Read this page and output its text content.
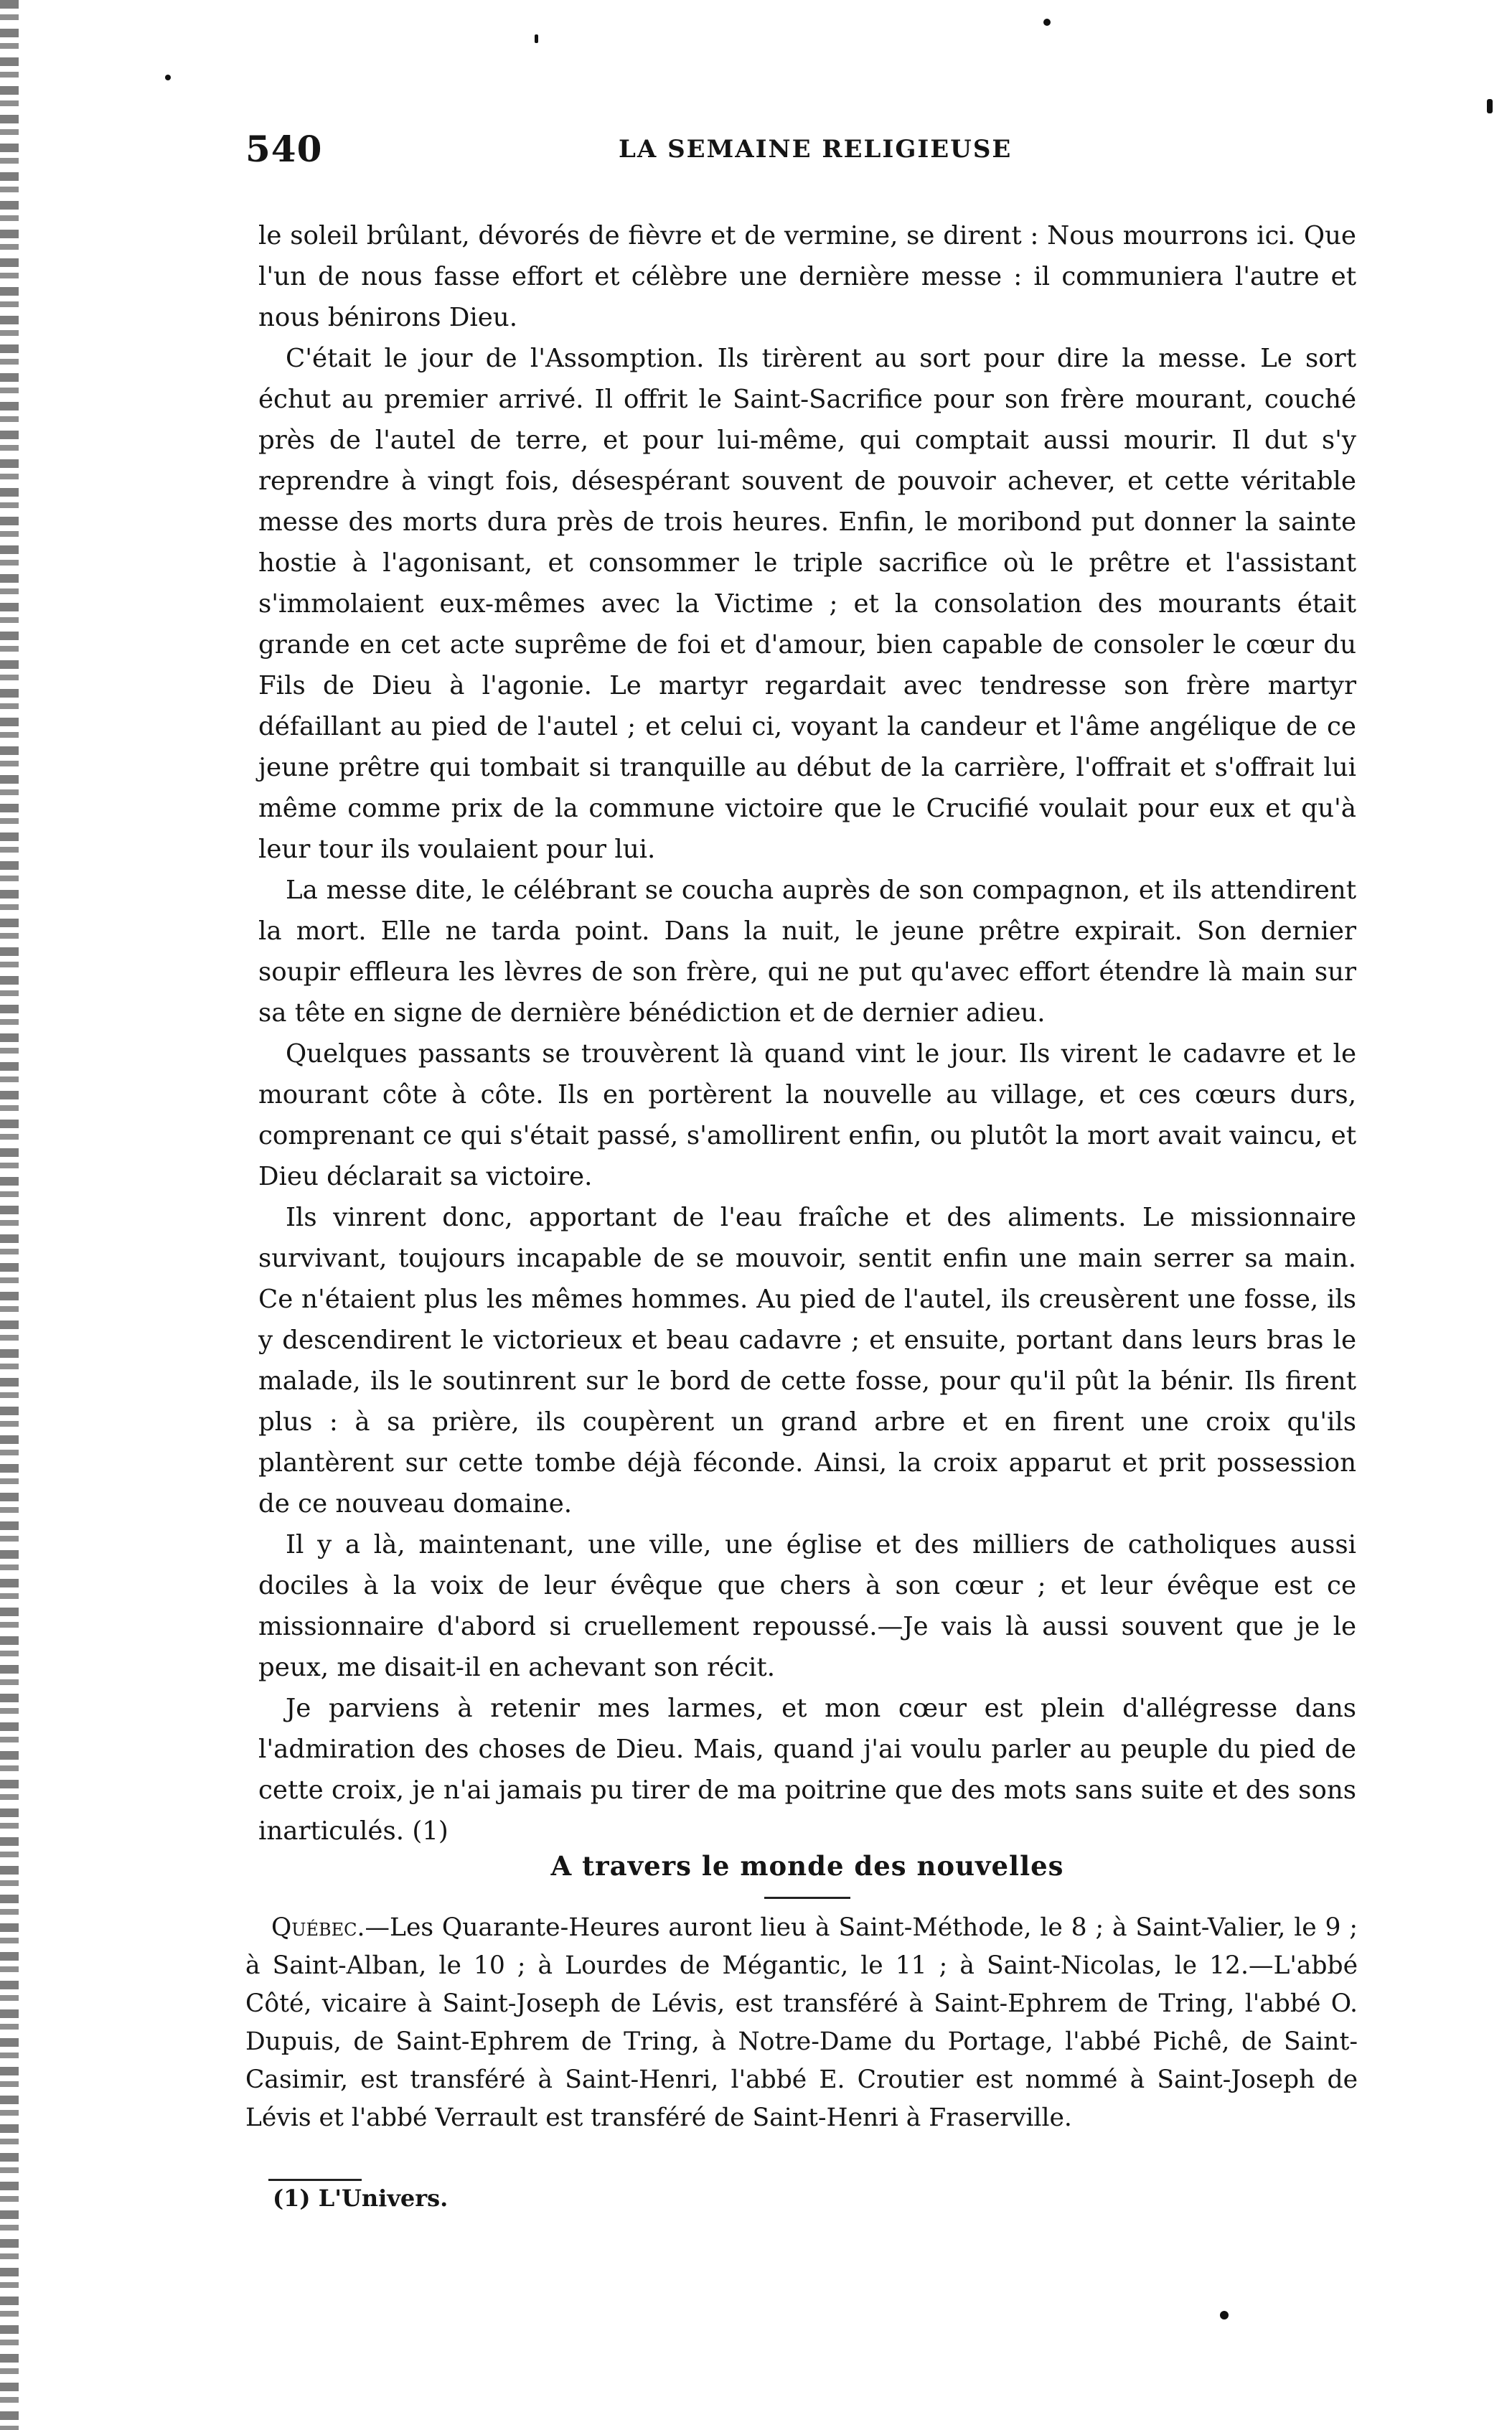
540	LA SEMAINE RELIGIEUSE

le soleil brûlant, dévorés de fièvre et de vermine, se dirent : Nous mourrons ici. Que l'un de nous fasse effort et célèbre une dernière messe : il communiera l'autre et nous bénirons Dieu.

C'était le jour de l'Assomption. Ils tirèrent au sort pour dire la messe. Le sort échut au premier arrivé. Il offrit le Saint-Sacrifice pour son frère mourant, couché près de l'autel de terre, et pour lui-même, qui comptait aussi mourir. Il dut s'y reprendre à vingt fois, désespérant souvent de pouvoir achever, et cette véritable messe des morts dura près de trois heures. Enfin, le moribond put donner la sainte hostie à l'agonisant, et consommer le triple sacrifice où le prêtre et l'assistant s'immolaient eux-mêmes avec la Victime ; et la consolation des mourants était grande en cet acte suprême de foi et d'amour, bien capable de consoler le cœur du Fils de Dieu à l'agonie. Le martyr regardait avec tendresse son frère martyr défaillant au pied de l'autel ; et celui ci, voyant la candeur et l'âme angélique de ce jeune prêtre qui tombait si tranquille au début de la carrière, l'offrait et s'offrait lui même comme prix de la commune victoire que le Crucifié voulait pour eux et qu'à leur tour ils voulaient pour lui.

La messe dite, le célébrant se coucha auprès de son compagnon, et ils attendirent la mort. Elle ne tarda point. Dans la nuit, le jeune prêtre expirait. Son dernier soupir effleura les lèvres de son frère, qui ne put qu'avec effort étendre là main sur sa tête en signe de dernière bénédiction et de dernier adieu.

Quelques passants se trouvèrent là quand vint le jour. Ils virent le cadavre et le mourant côte à côte. Ils en portèrent la nouvelle au village, et ces cœurs durs, comprenant ce qui s'était passé, s'amollirent enfin, ou plutôt la mort avait vaincu, et Dieu déclarait sa victoire.

Ils vinrent donc, apportant de l'eau fraîche et des aliments. Le missionnaire survivant, toujours incapable de se mouvoir, sentit enfin une main serrer sa main. Ce n'étaient plus les mêmes hommes. Au pied de l'autel, ils creusèrent une fosse, ils y descendirent le victorieux et beau cadavre ; et ensuite, portant dans leurs bras le malade, ils le soutinrent sur le bord de cette fosse, pour qu'il pût la bénir. Ils firent plus : à sa prière, ils coupèrent un grand arbre et en firent une croix qu'ils plantèrent sur cette tombe déjà féconde. Ainsi, la croix apparut et prit possession de ce nouveau domaine.

Il y a là, maintenant, une ville, une église et des milliers de catholiques aussi dociles à la voix de leur évêque que chers à son cœur ; et leur évêque est ce missionnaire d'abord si cruellement repoussé.—Je vais là aussi souvent que je le peux, me disait-il en achevant son récit.

Je parviens à retenir mes larmes, et mon cœur est plein d'allégresse dans l'admiration des choses de Dieu. Mais, quand j'ai voulu parler au peuple du pied de cette croix, je n'ai jamais pu tirer de ma poitrine que des mots sans suite et des sons inarticulés. (1)

A travers le monde des nouvelles

Québec.—Les Quarante-Heures auront lieu à Saint-Méthode, le 8 ; à Saint-Valier, le 9 ; à Saint-Alban, le 10 ; à Lourdes de Mégantic, le 11 ; à Saint-Nicolas, le 12.—L'abbé Côté, vicaire à Saint-Joseph de Lévis, est transféré à Saint-Ephrem de Tring, l'abbé O. Dupuis, de Saint-Ephrem de Tring, à Notre-Dame du Portage, l'abbé Pichê, de Saint-Casimir, est transféré à Saint-Henri, l'abbé E. Croutier est nommé à Saint-Joseph de Lévis et l'abbé Verrault est transféré de Saint-Henri à Fraserville.

(1) L'Univers.
